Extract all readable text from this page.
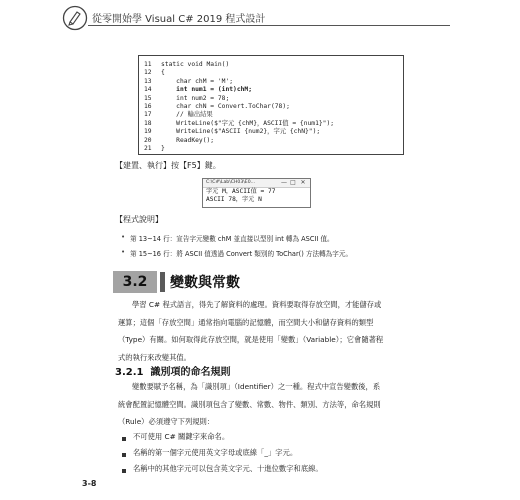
從零開始學 Visual C# 2019 程式設計
11	static void Main()
12	{
13	char chM = 'M';
14	int num1 = (int)chM;
15	int num2 = 78;
16	char chN = Convert.ToChar(78);
17	// 輸出結果
18	WriteLine($"字元 {chM}，ASCII值 = {num1}");
19	WriteLine($"ASCII {num2}，字元 {chN}");
20	ReadKey();
21	}
【建置、執行】按【F5】鍵。
C:\C#\Lab\CH03\E0...	— □ ✕
字元 M，ASCII值 = 77
ASCII 78，字元 N
【程式說明】
• 第 13~14 行：宣告字元變數 chM 並直接以型別 int 轉為 ASCII 值。
• 第 15~16 行：將 ASCII 值透過 Convert 類別的 ToChar() 方法轉為字元。
3.2	變數與常數
學習 C# 程式語言，得先了解資料的處理。資料要取得存放空間，才能儲存或
運算；這個「存放空間」通常指向電腦的記憶體，而空間大小和儲存資料的類型
（Type）有關。如何取得此存放空間，就是使用「變數」（Variable）；它會隨著程
式的執行來改變其值。
3.2.1 識別項的命名規則
變數要賦予名稱，為「識別項」（Identifier）之一種。程式中宣告變數後，系
統會配置記憶體空間。識別項包含了變數、常數、物件、類別、方法等，命名規則
（Rule）必須遵守下列規則：
不可使用 C# 關鍵字來命名。
名稱的第一個字元使用英文字母或底線「_」字元。
名稱中的其他字元可以包含英文字元、十進位數字和底線。
3-8
